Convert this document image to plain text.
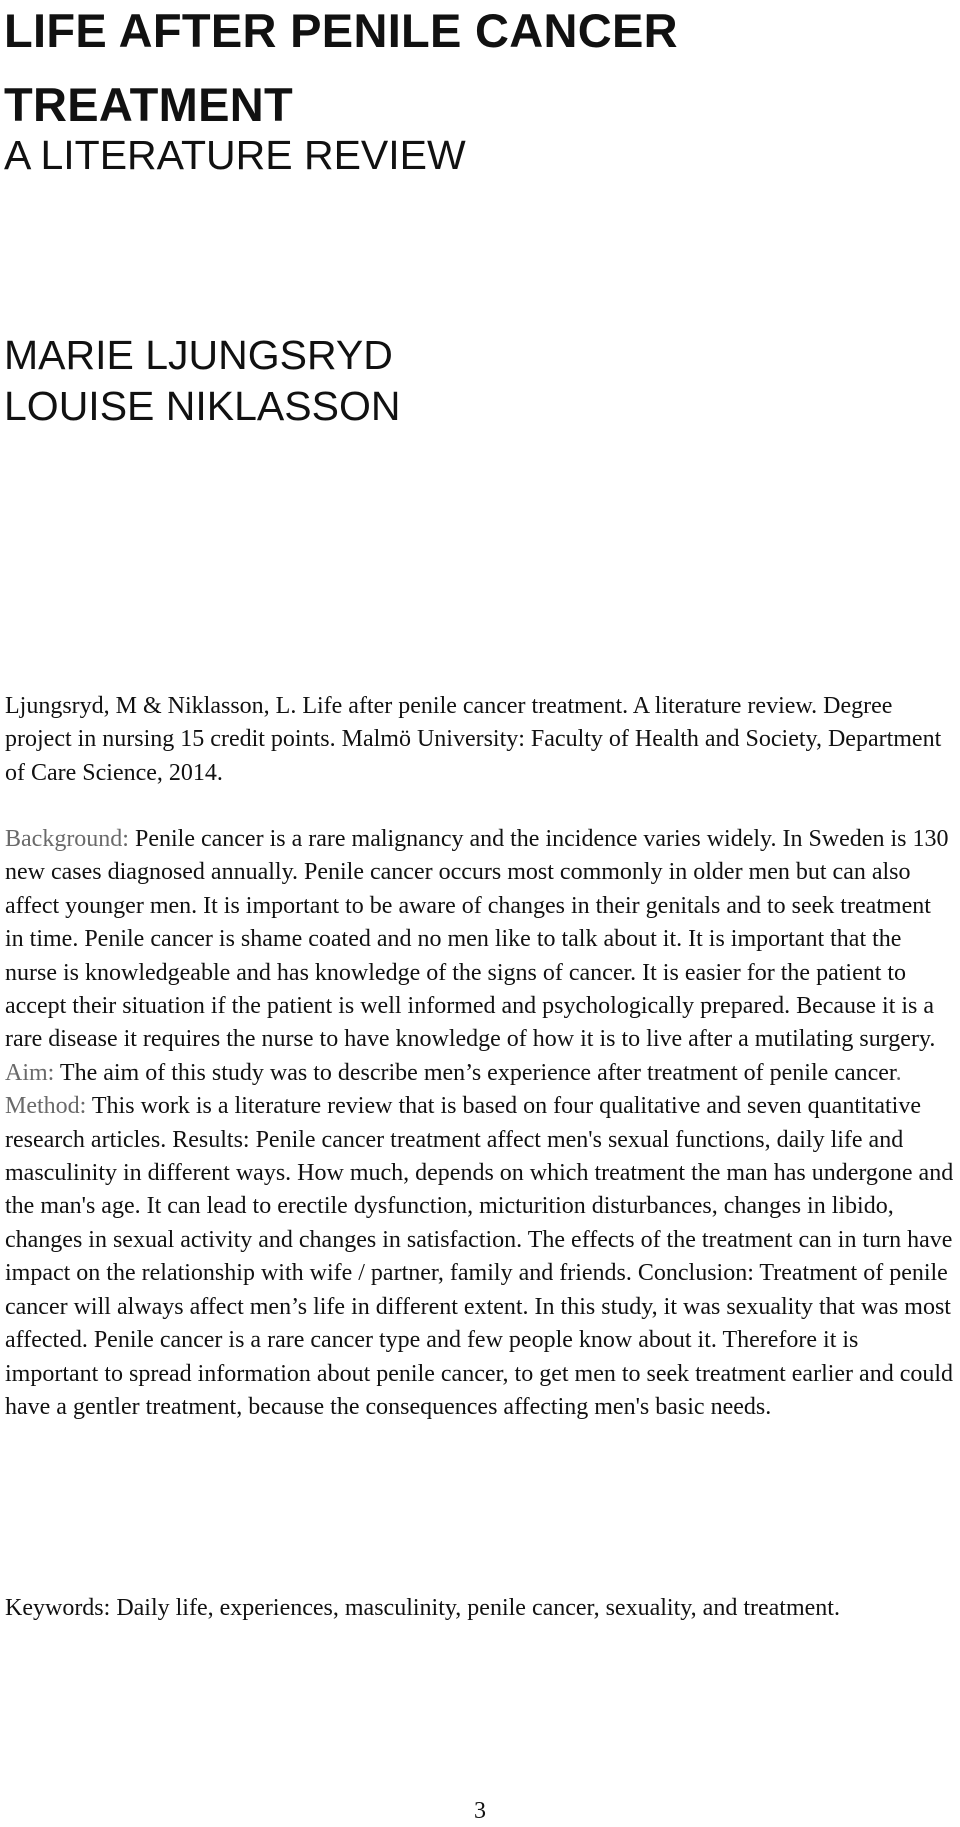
LIFE AFTER PENILE CANCER TREATMENT
A LITERATURE REVIEW
MARIE LJUNGSRYD
LOUISE NIKLASSON

Ljungsryd, M & Niklasson, L. Life after penile cancer treatment. A literature review. Degree project in nursing 15 credit points. Malmö University: Faculty of Health and Society, Department of Care Science, 2014.

Background: Penile cancer is a rare malignancy and the incidence varies widely. In Sweden is 130 new cases diagnosed annually. Penile cancer occurs most commonly in older men but can also affect younger men. It is important to be aware of changes in their genitals and to seek treatment in time. Penile cancer is shame coated and no men like to talk about it. It is important that the nurse is knowledgeable and has knowledge of the signs of cancer. It is easier for the patient to accept their situation if the patient is well informed and psychologically prepared. Because it is a rare disease it requires the nurse to have knowledge of how it is to live after a mutilating surgery. Aim: The aim of this study was to describe men’s experience after treatment of penile cancer. Method: This work is a literature review that is based on four qualitative and seven quantitative research articles. Results: Penile cancer treatment affect men's sexual functions, daily life and masculinity in different ways. How much, depends on which treatment the man has undergone and the man's age. It can lead to erectile dysfunction, micturition disturbances, changes in libido, changes in sexual activity and changes in satisfaction. The effects of the treatment can in turn have impact on the relationship with wife / partner, family and friends. Conclusion: Treatment of penile cancer will always affect men’s life in different extent. In this study, it was sexuality that was most affected. Penile cancer is a rare cancer type and few people know about it. Therefore it is important to spread information about penile cancer, to get men to seek treatment earlier and could have a gentler treatment, because the consequences affecting men's basic needs.

Keywords: Daily life, experiences, masculinity, penile cancer, sexuality, and treatment.

3
